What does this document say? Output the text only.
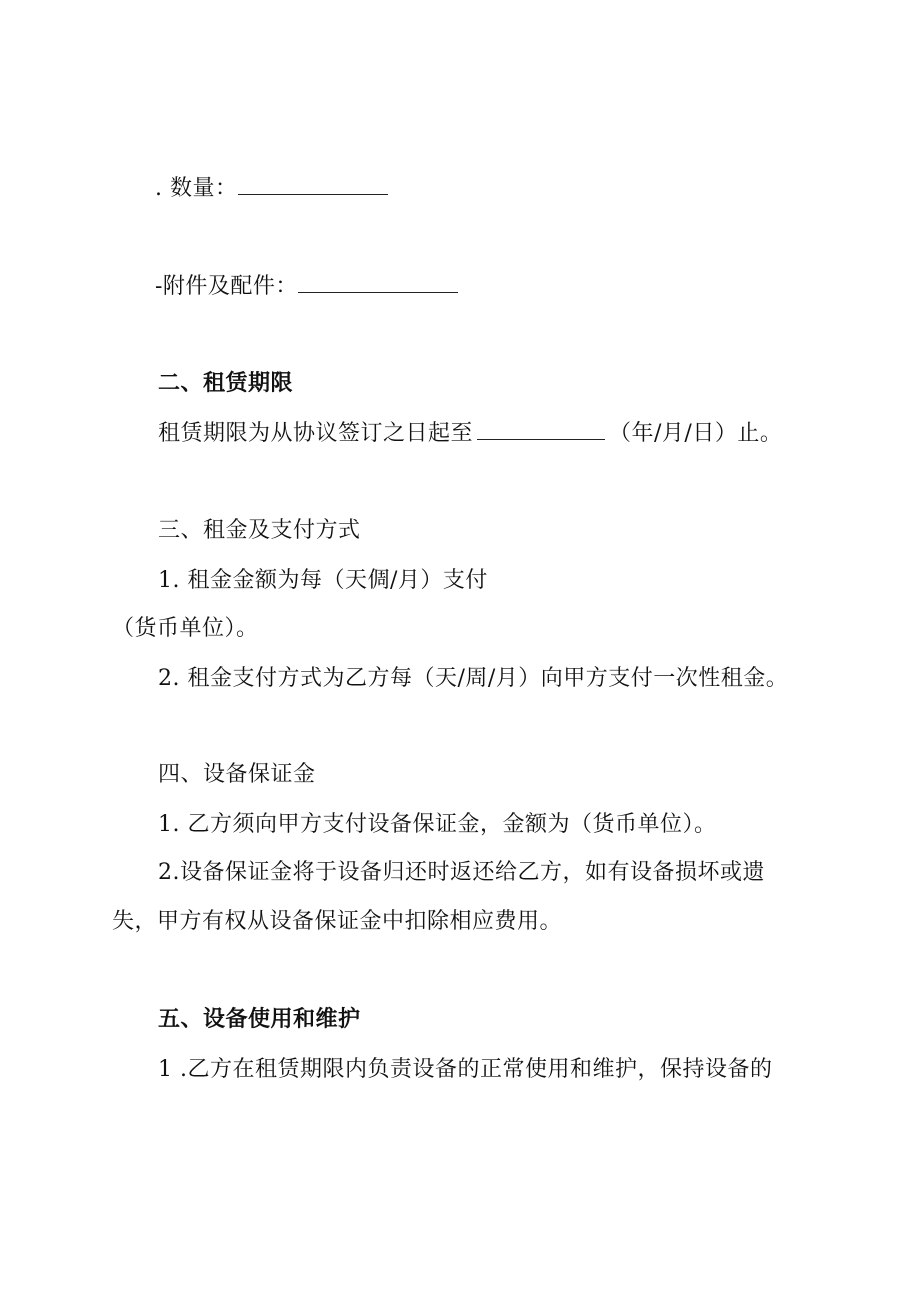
. 数量：
-附件及配件：
二、租赁期限
租赁期限为从协议签订之日起至	（年/月/日）止。
三、租金及支付方式
1. 租金金额为每（天倜/月）支付
（货币单位）。
2. 租金支付方式为乙方每（天/周/月）向甲方支付一次性租金。
四、设备保证金
1. 乙方须向甲方支付设备保证金，金额为（货币单位）。
2.设备保证金将于设备归还时返还给乙方，如有设备损坏或遗
失，甲方有权从设备保证金中扣除相应费用。
五、设备使用和维护
1 .乙方在租赁期限内负责设备的正常使用和维护，保持设备的
